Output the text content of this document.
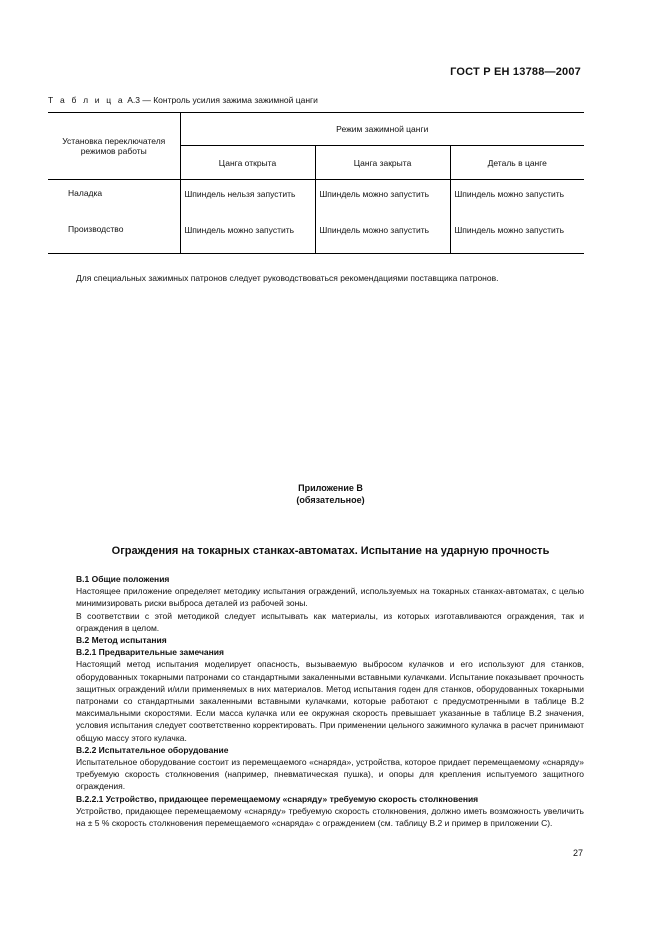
ГОСТ Р ЕН 13788—2007
Т а б л и ц а А.3 — Контроль усилия зажима зажимной цанги
Установка переключателя режимов работы	Режим зажимной цанги		
	Цанга открыта	Цанга закрыта	Деталь в цанге
Наладка	Шпиндель нельзя запустить	Шпиндель можно запустить	Шпиндель можно запустить
Производство	Шпиндель можно запустить	Шпиндель можно запустить	Шпиндель можно запустить
Для специальных зажимных патронов следует руководствоваться рекомендациями поставщика патронов.
Приложение В
(обязательное)
Ограждения на токарных станках-автоматах. Испытание на ударную прочность

В.1 Общие положения

Настоящее приложение определяет методику испытания ограждений, используемых на токарных станках-автоматах, с целью минимизировать риски выброса деталей из рабочей зоны.

В соответствии с этой методикой следует испытывать как материалы, из которых изготавливаются ограждения, так и ограждения в целом.

В.2 Метод испытания

В.2.1 Предварительные замечания

Настоящий метод испытания моделирует опасность, вызываемую выбросом кулачков и его используют для станков, оборудованных токарными патронами со стандартными закаленными вставными кулачками. Испытание показывает прочность защитных ограждений и/или применяемых в них материалов. Метод испытания годен для станков, оборудованных токарными патронами со стандартными закаленными вставными кулачками, которые работают с предусмотренными в таблице В.2 максимальными скоростями. Если масса кулачка или ее окружная скорость превышает указанные в таблице В.2 значения, условия испытания следует соответственно корректировать. При применении цельного зажимного кулачка в расчет принимают общую массу этого кулачка.

В.2.2 Испытательное оборудование

Испытательное оборудование состоит из перемещаемого «снаряда», устройства, которое придает перемещаемому «снаряду» требуемую скорость столкновения (например, пневматическая пушка), и опоры для крепления испытуемого защитного ограждения.

В.2.2.1 Устройство, придающее перемещаемому «снаряду» требуемую скорость столкновения

Устройство, придающее перемещаемому «снаряду» требуемую скорость столкновения, должно иметь возможность увеличить на ± 5 % скорость столкновения перемещаемого «снаряда» с ограждением (см. таблицу В.2 и пример в приложении С).

27
